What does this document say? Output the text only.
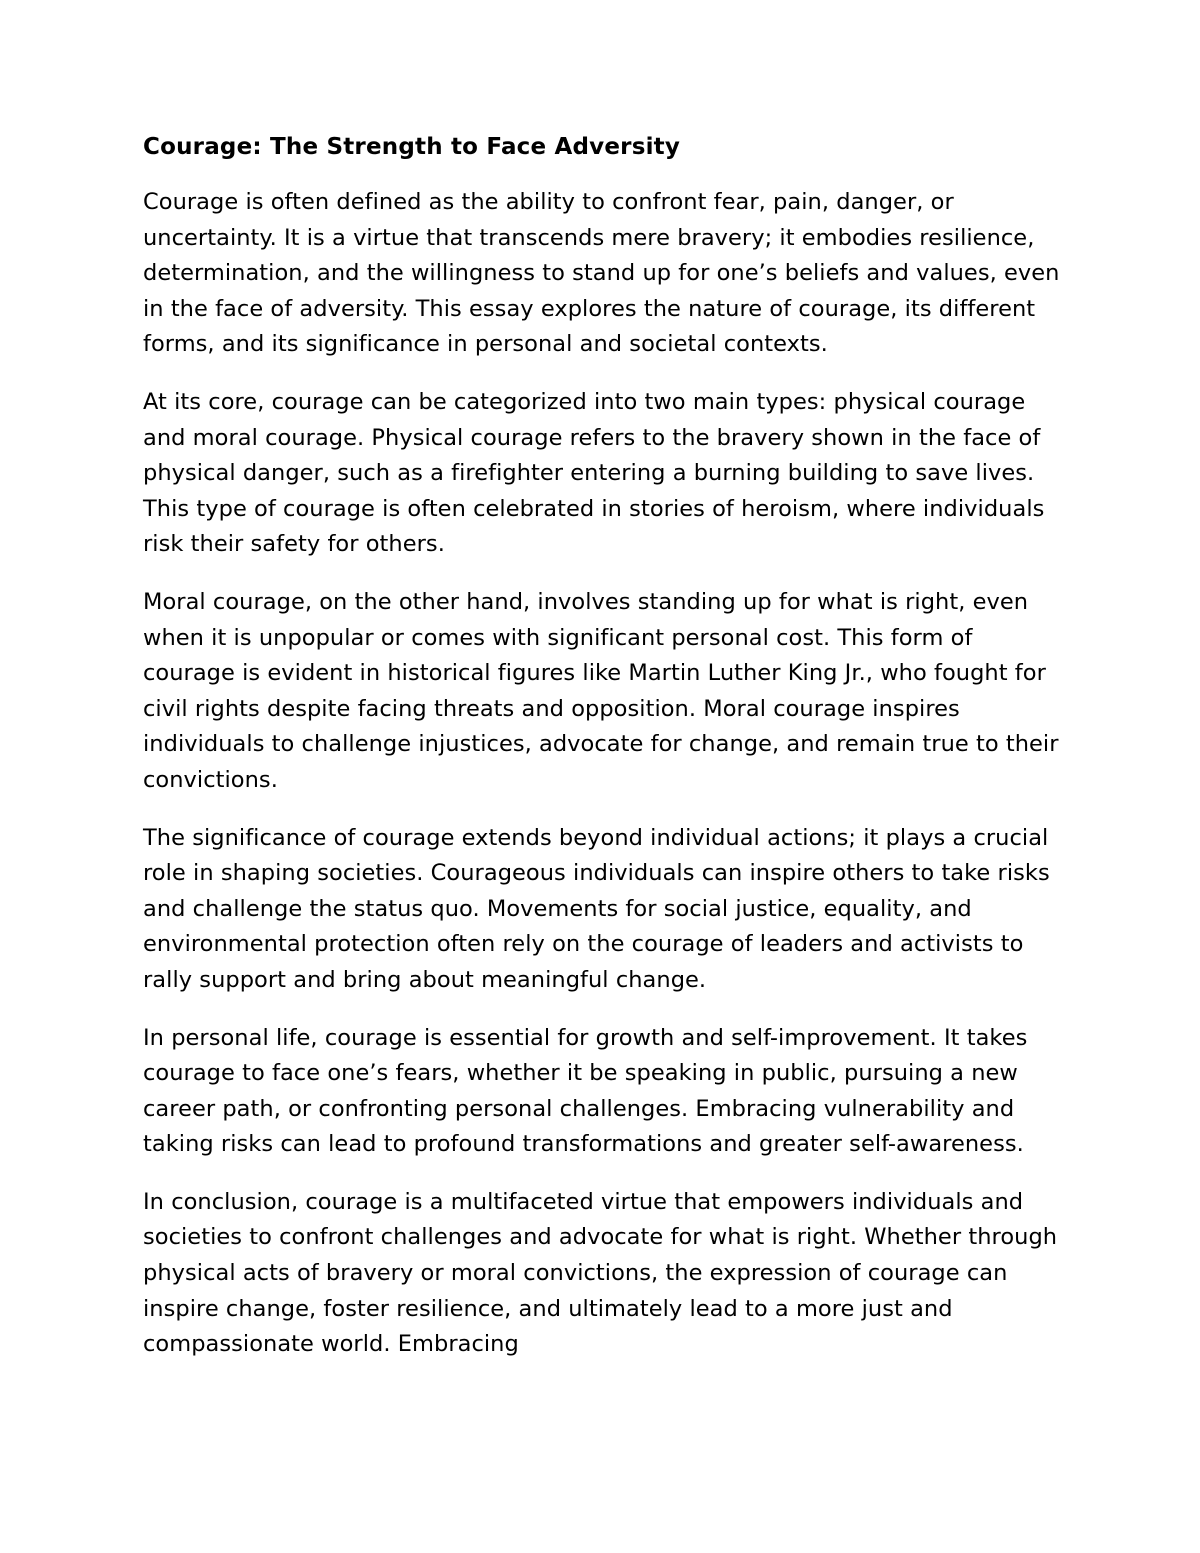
Courage: The Strength to Face Adversity

Courage is often defined as the ability to confront fear, pain, danger, or uncertainty. It is a virtue that transcends mere bravery; it embodies resilience, determination, and the willingness to stand up for one’s beliefs and values, even in the face of adversity. This essay explores the nature of courage, its different forms, and its significance in personal and societal contexts.

At its core, courage can be categorized into two main types: physical courage and moral courage. Physical courage refers to the bravery shown in the face of physical danger, such as a firefighter entering a burning building to save lives. This type of courage is often celebrated in stories of heroism, where individuals risk their safety for others.

Moral courage, on the other hand, involves standing up for what is right, even when it is unpopular or comes with significant personal cost. This form of courage is evident in historical figures like Martin Luther King Jr., who fought for civil rights despite facing threats and opposition. Moral courage inspires individuals to challenge injustices, advocate for change, and remain true to their convictions.

The significance of courage extends beyond individual actions; it plays a crucial role in shaping societies. Courageous individuals can inspire others to take risks and challenge the status quo. Movements for social justice, equality, and environmental protection often rely on the courage of leaders and activists to rally support and bring about meaningful change.

In personal life, courage is essential for growth and self-improvement. It takes courage to face one’s fears, whether it be speaking in public, pursuing a new career path, or confronting personal challenges. Embracing vulnerability and taking risks can lead to profound transformations and greater self-awareness.

In conclusion, courage is a multifaceted virtue that empowers individuals and societies to confront challenges and advocate for what is right. Whether through physical acts of bravery or moral convictions, the expression of courage can inspire change, foster resilience, and ultimately lead to a more just and compassionate world. Embracing
